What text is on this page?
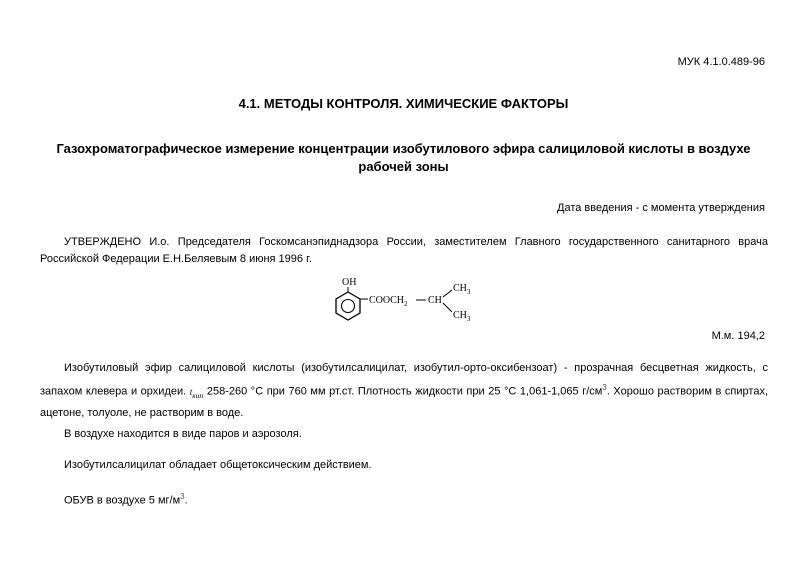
МУК 4.1.0.489-96
4.1. МЕТОДЫ КОНТРОЛЯ. ХИМИЧЕСКИЕ ФАКТОРЫ
Газохроматографическое измерение концентрации изобутилового эфира салициловой кислоты в воздухе рабочей зоны
Дата введения - с момента утверждения

УТВЕРЖДЕНО И.о. Председателя Госкомсанэпиднадзора России, заместителем Главного государственного санитарного врача Российской Федерации Е.Н.Беляевым 8 июня 1996 г.

OH
$COOCH_2$ CH
$CH_3$
$CH_3$
М.м. 194,2

Изобутиловый эфир салициловой кислоты (изобутилсалицилат, изобутил-орто-оксибензоат) - прозрачная бесцветная жидкость, с запахом клевера и орхидеи. $t_{кип}$ 258-260 °С при 760 мм рт.ст. Плотность жидкости при 25 °С 1,061-1,065 $г/см^3$. Хорошо растворим в спиртах, ацетоне, толуоле, не растворим в воде.

В воздухе находится в виде паров и аэрозоля.

Изобутилсалицилат обладает общетоксическим действием.

ОБУВ в воздухе 5 $мг/м^3$.
